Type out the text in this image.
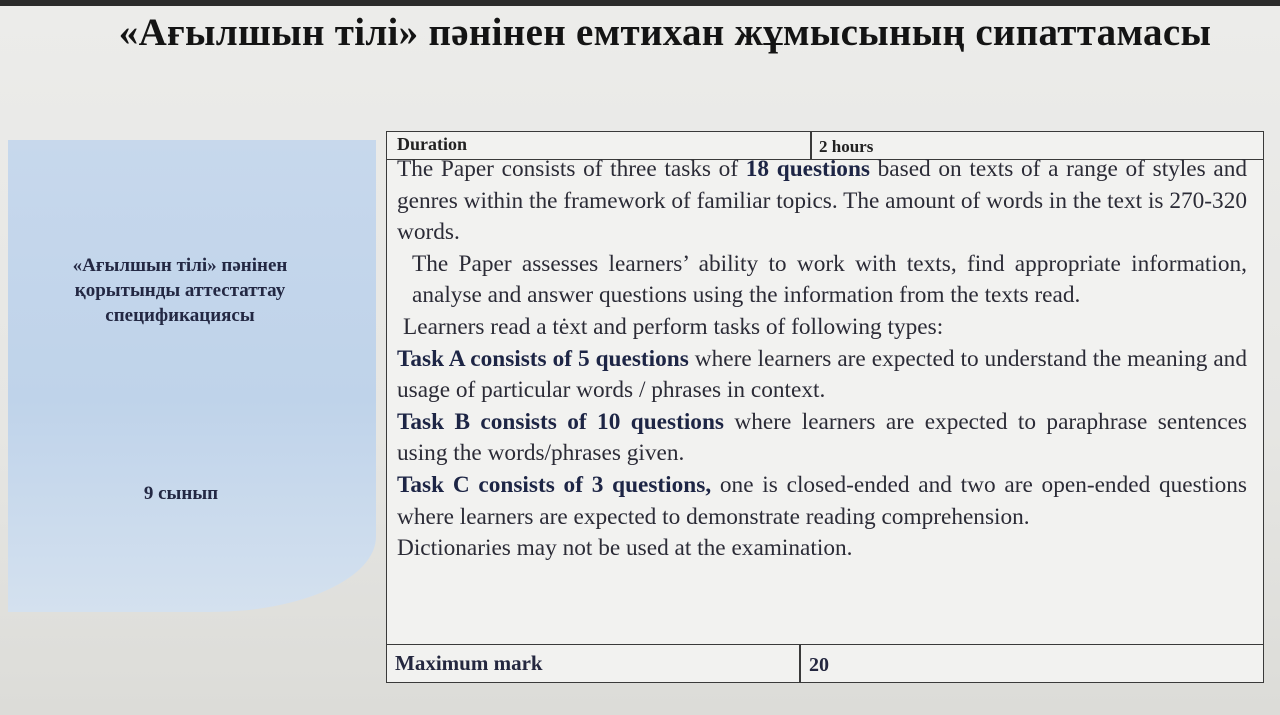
«Ағылшын тілі» пәнінен емтихан жұмысының сипаттамасы
«Ағылшын тілі» пәнінен қорытынды аттестаттау спецификациясы
9 сынып
Duration	2 hours

The Paper consists of three tasks of 18 questions based on texts of a range of styles and genres within the framework of familiar topics. The amount of words in the text is 270-320 words.

The Paper assesses learners’ ability to work with texts, find appropriate information, analyse and answer questions using the information from the texts read.

Learners read a tėxt and perform tasks of following types:

Task A consists of 5 questions where learners are expected to understand the meaning and usage of particular words / phrases in context.

Task B consists of 10 questions where learners are expected to paraphrase sentences using the words/phrases given.

Task C consists of 3 questions, one is closed-ended and two are open-ended questions where learners are expected to demonstrate reading comprehension.

Dictionaries may not be used at the examination.

Maximum mark	20
